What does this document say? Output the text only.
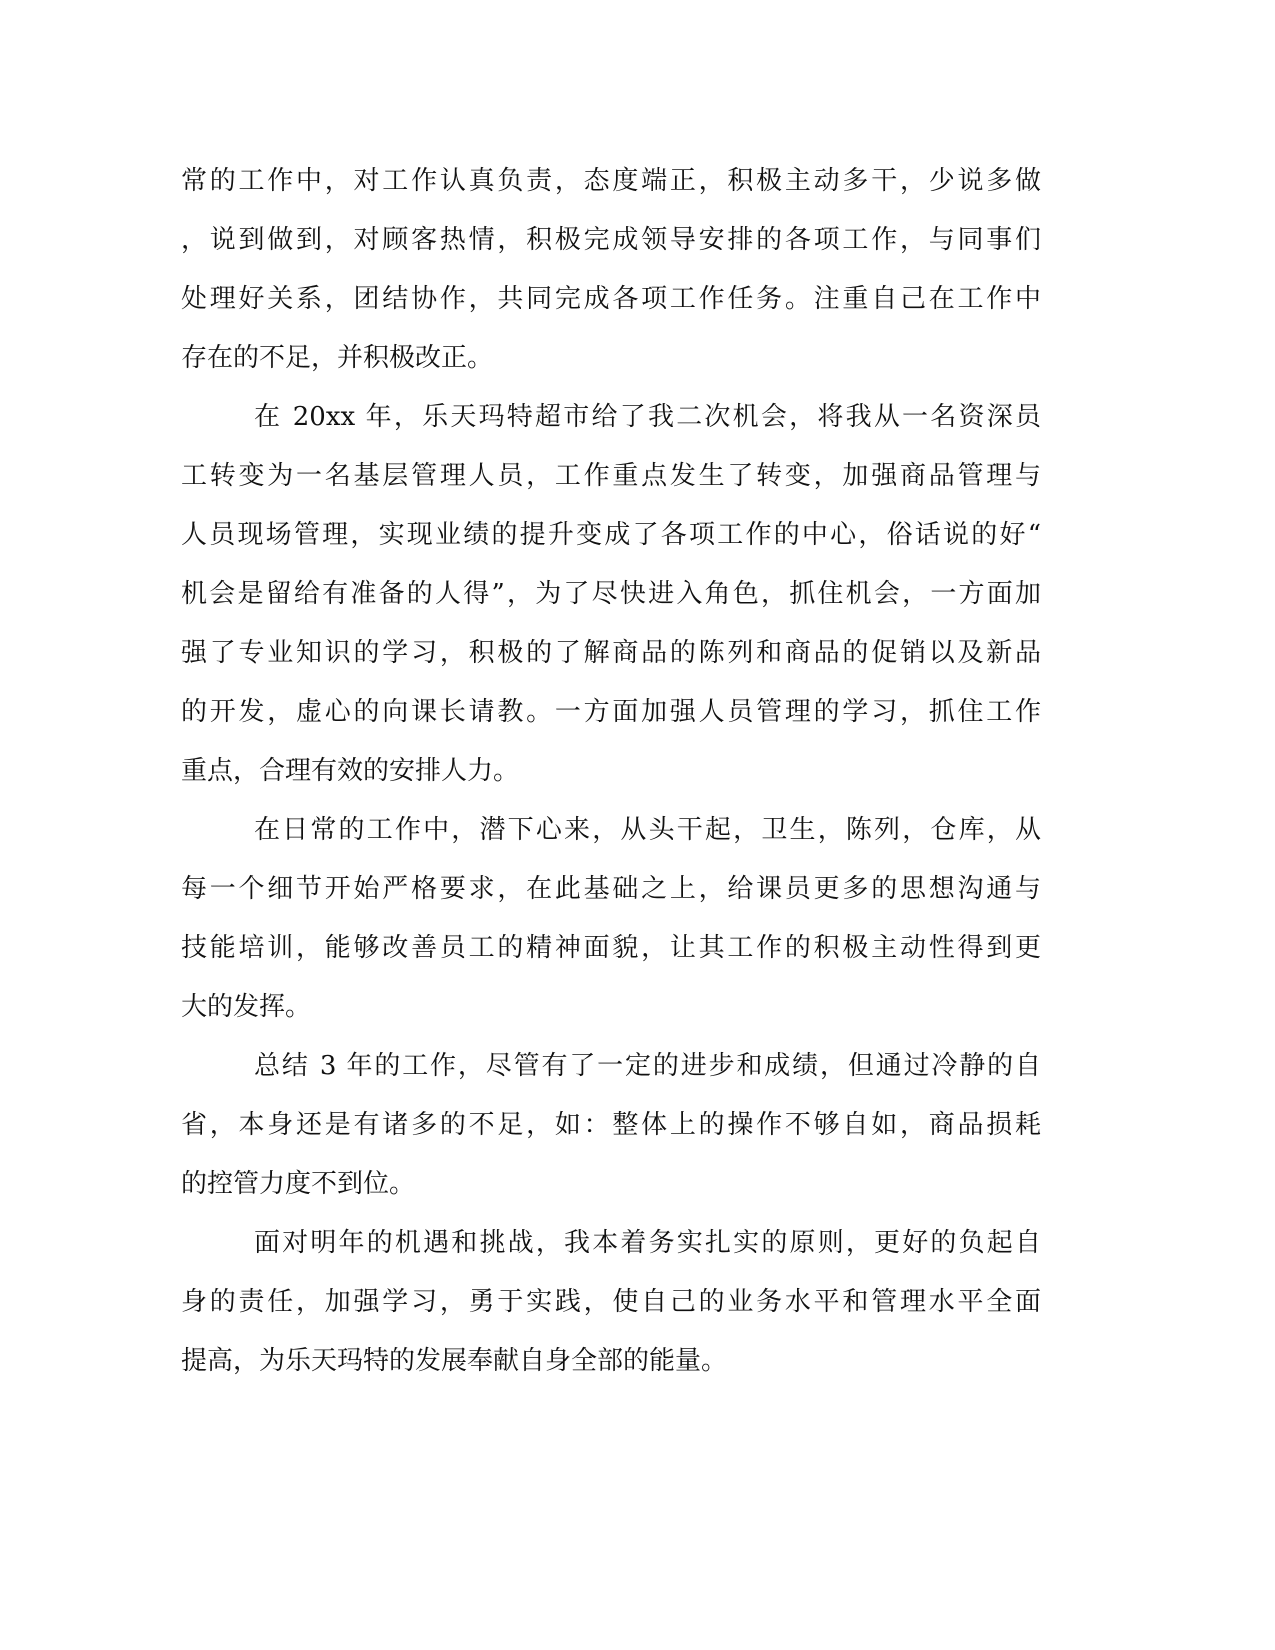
常的工作中，对工作认真负责，态度端正，积极主动多干，少说多做
，说到做到，对顾客热情，积极完成领导安排的各项工作，与同事们
处理好关系，团结协作，共同完成各项工作任务。注重自己在工作中
存在的不足，并积极改正。
在 20xx 年，乐天玛特超市给了我二次机会，将我从一名资深员
工转变为一名基层管理人员，工作重点发生了转变，加强商品管理与
人员现场管理，实现业绩的提升变成了各项工作的中心，俗话说的好“
机会是留给有准备的人得”，为了尽快进入角色，抓住机会，一方面加
强了专业知识的学习，积极的了解商品的陈列和商品的促销以及新品
的开发，虚心的向课长请教。一方面加强人员管理的学习，抓住工作
重点，合理有效的安排人力。
在日常的工作中，潜下心来，从头干起，卫生，陈列，仓库，从
每一个细节开始严格要求，在此基础之上，给课员更多的思想沟通与
技能培训，能够改善员工的精神面貌，让其工作的积极主动性得到更
大的发挥。
总结 3 年的工作，尽管有了一定的进步和成绩，但通过冷静的自
省，本身还是有诸多的不足，如：整体上的操作不够自如，商品损耗
的控管力度不到位。
面对明年的机遇和挑战，我本着务实扎实的原则，更好的负起自
身的责任，加强学习，勇于实践，使自己的业务水平和管理水平全面
提高，为乐天玛特的发展奉献自身全部的能量。
